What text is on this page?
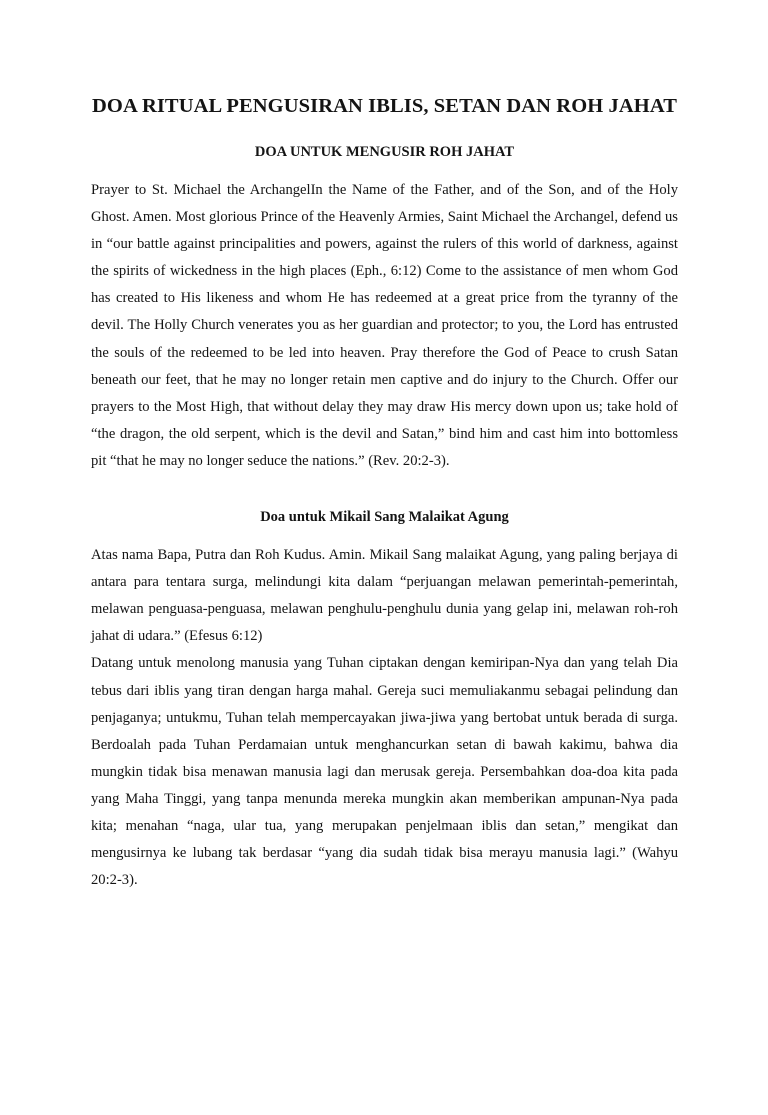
DOA RITUAL PENGUSIRAN IBLIS, SETAN DAN ROH JAHAT
DOA UNTUK MENGUSIR ROH JAHAT

Prayer to St. Michael the ArchangelIn the Name of the Father, and of the Son, and of the Holy Ghost. Amen. Most glorious Prince of the Heavenly Armies, Saint Michael the Archangel, defend us in “our battle against principalities and powers, against the rulers of this world of darkness, against the spirits of wickedness in the high places (Eph., 6:12) Come to the assistance of men whom God has created to His likeness and whom He has redeemed at a great price from the tyranny of the devil. The Holly Church venerates you as her guardian and protector; to you, the Lord has entrusted the souls of the redeemed to be led into heaven. Pray therefore the God of Peace to crush Satan beneath our feet, that he may no longer retain men captive and do injury to the Church. Offer our prayers to the Most High, that without delay they may draw His mercy down upon us; take hold of “the dragon, the old serpent, which is the devil and Satan,” bind him and cast him into bottomless pit “that he may no longer seduce the nations.” (Rev. 20:2-3).

Doa untuk Mikail Sang Malaikat Agung

Atas nama Bapa, Putra dan Roh Kudus. Amin. Mikail Sang malaikat Agung, yang paling berjaya di antara para tentara surga, melindungi kita dalam “perjuangan melawan pemerintah-pemerintah, melawan penguasa-penguasa, melawan penghulu-penghulu dunia yang gelap ini, melawan roh-roh jahat di udara.” (Efesus 6:12)

Datang untuk menolong manusia yang Tuhan ciptakan dengan kemiripan-Nya dan yang telah Dia tebus dari iblis yang tiran dengan harga mahal. Gereja suci memuliakanmu sebagai pelindung dan penjaganya; untukmu, Tuhan telah mempercayakan jiwa-jiwa yang bertobat untuk berada di surga. Berdoalah pada Tuhan Perdamaian untuk menghancurkan setan di bawah kakimu, bahwa dia mungkin tidak bisa menawan manusia lagi dan merusak gereja. Persembahkan doa-doa kita pada yang Maha Tinggi, yang tanpa menunda mereka mungkin akan memberikan ampunan-Nya pada kita; menahan “naga, ular tua, yang merupakan penjelmaan iblis dan setan,” mengikat dan mengusirnya ke lubang tak berdasar “yang dia sudah tidak bisa merayu manusia lagi.” (Wahyu 20:2-3).
